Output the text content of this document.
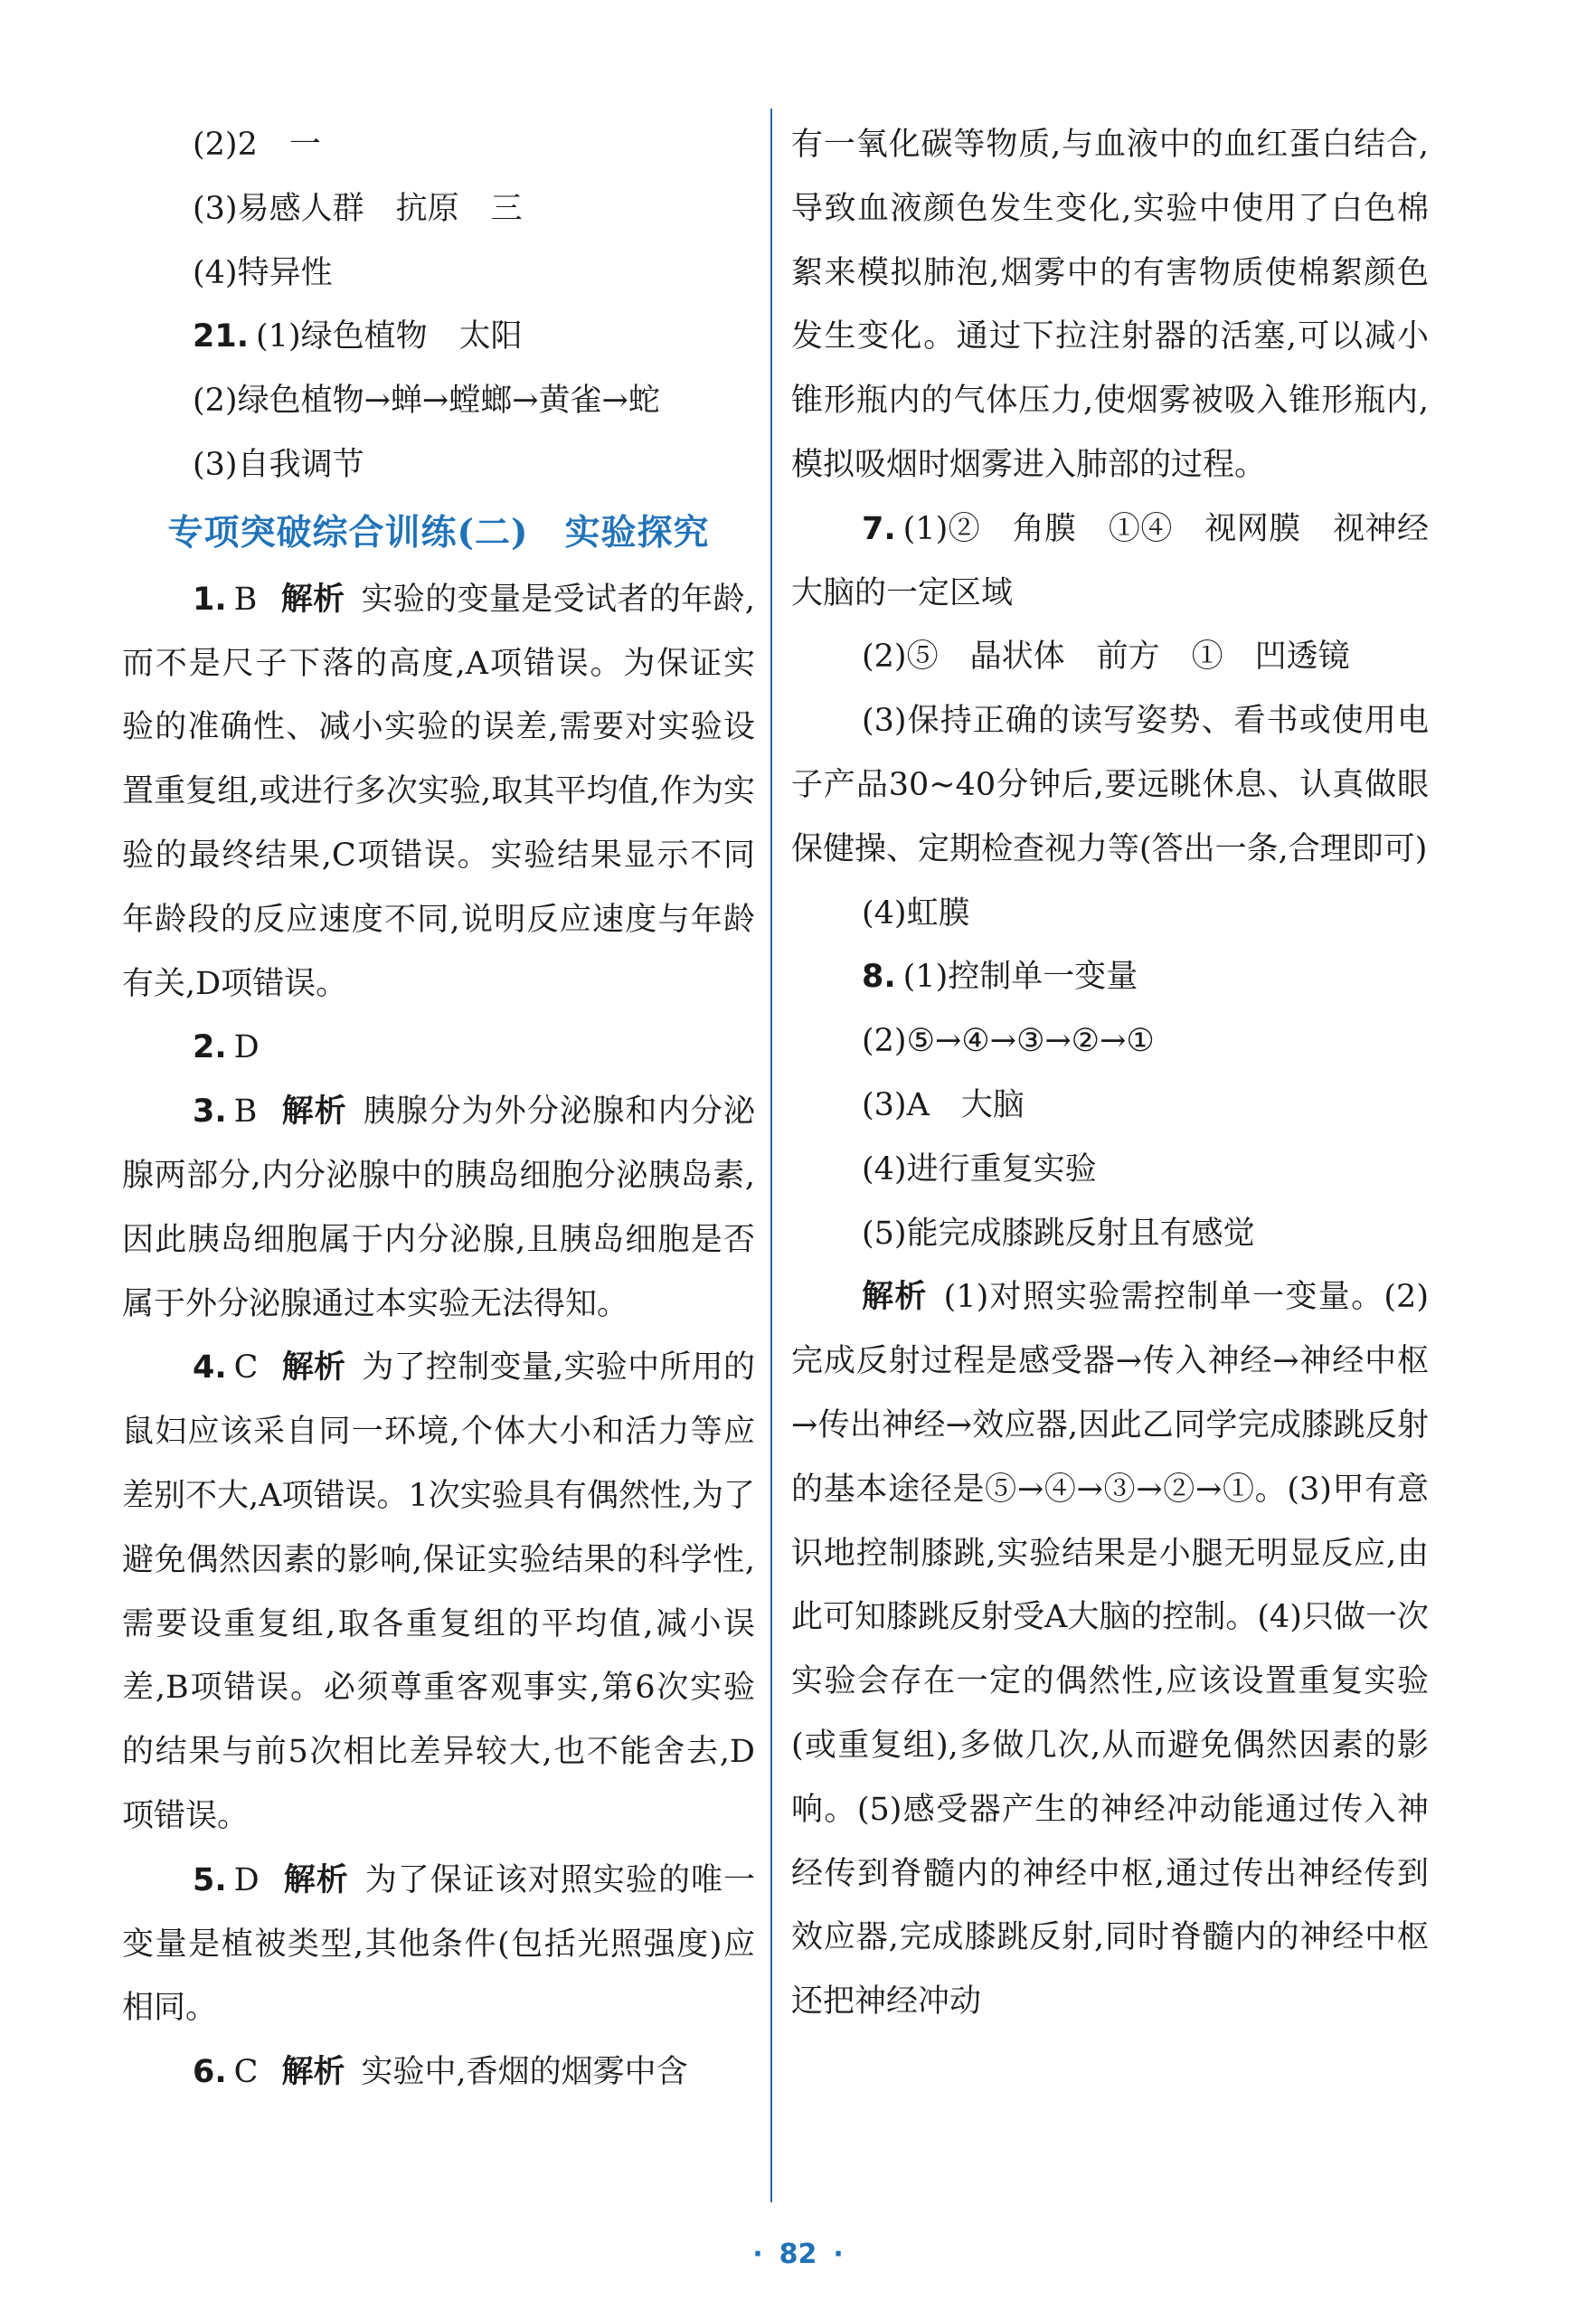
(2)2　一

(3)易感人群　抗原　三

(4)特异性

21. (1)绿色植物　太阳

(2)绿色植物→蝉→螳螂→黄雀→蛇

(3)自我调节

专项突破综合训练(二)　实验探究

1. B 解析 实验的变量是受试者的年龄,而不是尺子下落的高度,A项错误。为保证实验的准确性、减小实验的误差,需要对实验设置重复组,或进行多次实验,取其平均值,作为实验的最终结果,C项错误。实验结果显示不同年龄段的反应速度不同,说明反应速度与年龄有关,D项错误。

2. D

3. B 解析 胰腺分为外分泌腺和内分泌腺两部分,内分泌腺中的胰岛细胞分泌胰岛素,因此胰岛细胞属于内分泌腺,且胰岛细胞是否属于外分泌腺通过本实验无法得知。

4. C 解析 为了控制变量,实验中所用的鼠妇应该采自同一环境,个体大小和活力等应差别不大,A项错误。1次实验具有偶然性,为了避免偶然因素的影响,保证实验结果的科学性,需要设重复组,取各重复组的平均值,减小误差,B项错误。必须尊重客观事实,第6次实验的结果与前5次相比差异较大,也不能舍去,D项错误。

5. D 解析 为了保证该对照实验的唯一变量是植被类型,其他条件(包括光照强度)应相同。

6. C 解析 实验中,香烟的烟雾中含

有一氧化碳等物质,与血液中的血红蛋白结合,导致血液颜色发生变化,实验中使用了白色棉絮来模拟肺泡,烟雾中的有害物质使棉絮颜色发生变化。通过下拉注射器的活塞,可以减小锥形瓶内的气体压力,使烟雾被吸入锥形瓶内,模拟吸烟时烟雾进入肺部的过程。

7. (1)②　角膜　①④　视网膜　视神经　大脑的一定区域

(2)⑤　晶状体　前方　①　凹透镜

(3)保持正确的读写姿势、看书或使用电子产品30~40分钟后,要远眺休息、认真做眼保健操、定期检查视力等(答出一条,合理即可)

(4)虹膜

8. (1)控制单一变量

(2)⑤→④→③→②→①

(3)A　大脑

(4)进行重复实验

(5)能完成膝跳反射且有感觉

解析 (1)对照实验需控制单一变量。(2)完成反射过程是感受器→传入神经→神经中枢→传出神经→效应器,因此乙同学完成膝跳反射的基本途径是⑤→④→③→②→①。(3)甲有意识地控制膝跳,实验结果是小腿无明显反应,由此可知膝跳反射受A大脑的控制。(4)只做一次实验会存在一定的偶然性,应该设置重复实验(或重复组),多做几次,从而避免偶然因素的影响。(5)感受器产生的神经冲动能通过传入神经传到脊髓内的神经中枢,通过传出神经传到效应器,完成膝跳反射,同时脊髓内的神经中枢还把神经冲动

· 82 ·
